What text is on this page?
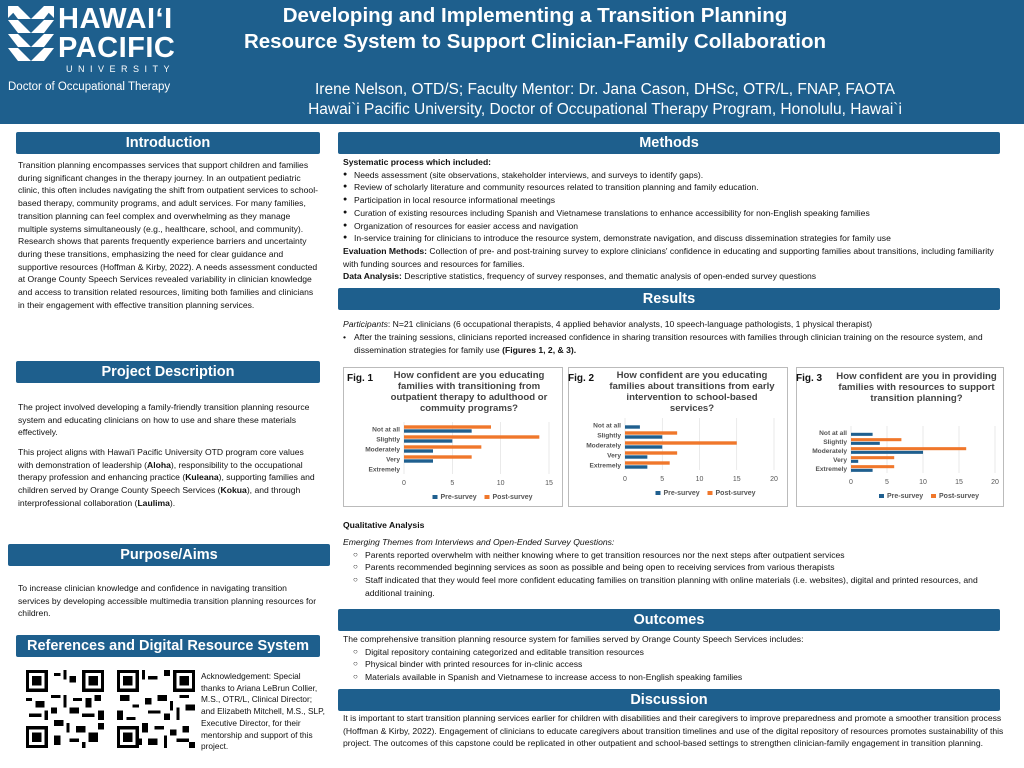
HAWAIʻI
PACIFIC
UNIVERSITY
Doctor of Occupational Therapy
Developing and Implementing a Transition Planning
Resource System to Support Clinician-Family Collaboration
Irene Nelson, OTD/S; Faculty Mentor: Dr. Jana Cason, DHSc, OTR/L, FNAP, FAOTA
Hawai`i Pacific University, Doctor of Occupational Therapy Program, Honolulu, Hawai`i
Introduction
Transition planning encompasses services that support children and families during significant changes in the therapy journey. In an outpatient pediatric clinic, this often includes navigating the shift from outpatient services to school-based therapy, community programs, and adult services. For many families, transition planning can feel complex and overwhelming as they manage multiple systems simultaneously (e.g., healthcare, school, and community). Research shows that parents frequently experience barriers and uncertainty during these transitions, emphasizing the need for clear guidance and supportive resources (Hoffman & Kirby, 2022). A needs assessment conducted at Orange County Speech Services revealed variability in clinician knowledge and access to transition related resources, limiting both families and clinicians in their engagement with effective transition planning services.
Project Description
The project involved developing a family-friendly transition planning resource system and educating clinicians on how to use and share these materials effectively.
This project aligns with Hawai'i Pacific University OTD program core values with demonstration of leadership (Aloha), responsibility to the occupational therapy profession and enhancing practice (Kuleana), supporting families and children served by Orange County Speech Services (Kokua), and through interprofessional collaboration (Laulima).
Purpose/Aims
To increase clinician knowledge and confidence in navigating transition services by developing accessible multimedia transition planning resources for children.
References and Digital Resource System
Acknowledgement: Special thanks to Ariana LeBrun Collier, M.S., OTR/L, Clinical Director; and Elizabeth Mitchell, M.S., SLP, Executive Director, for their mentorship and support of this project.
Methods
Systematic process which included:
● Needs assessment (site observations, stakeholder interviews, and surveys to identify gaps).
● Review of scholarly literature and community resources related to transition planning and family education.
● Participation in local resource informational meetings
● Curation of existing resources including Spanish and Vietnamese translations to enhance accessibility for non-English speaking families
● Organization of resources for easier access and navigation
● In-service training for clinicians to introduce the resource system, demonstrate navigation, and discuss dissemination strategies for family use
Evaluation Methods: Collection of pre- and post-training survey to explore clinicians' confidence in educating and supporting families about transitions, including familiarity with funding sources and resources for families.
Data Analysis: Descriptive statistics, frequency of survey responses, and thematic analysis of open-ended survey questions
Results
Participants: N=21 clinicians (6 occupational therapists, 4 applied behavior analysts, 10 speech-language pathologists, 1 physical therapist)
• After the training sessions, clinicians reported increased confidence in sharing transition resources with families through clinician training on the resource system, and dissemination strategies for family use (Figures 1, 2, & 3).
Fig. 1	How confident are you educating families with transitioning from outpatient therapy to adulthood or commuity programs?
0	5	10	15
Not at all
Slightly
Moderately
Very
Extremely
Pre-survey Post-survey
Fig. 2	How confident are you educating families about transitions from early intervention to school-based services?
0	5	10	15	20
Not at all
Slightly
Moderately
Very
Extremely
Pre-survey Post-survey
Fig. 3	How confident are you in providing families with resources to support transition planning?
0	5	10	15	20
Not at all
Slightly
Moderately
Very
Extremely
Pre-survey Post-survey
Qualitative Analysis
Emerging Themes from Interviews and Open-Ended Survey Questions:
○ Parents reported overwhelm with neither knowing where to get transition resources nor the next steps after outpatient services
○ Parents recommended beginning services as soon as possible and being open to receiving services from various therapists
○ Staff indicated that they would feel more confident educating families on transition planning with online materials (i.e. websites), digital and printed resources, and additional training.
Outcomes
The comprehensive transition planning resource system for families served by Orange County Speech Services includes:
○ Digital repository containing categorized and editable transition resources
○ Physical binder with printed resources for in-clinic access
○ Materials available in Spanish and Vietnamese to increase access to non-English speaking families
Discussion
It is important to start transition planning services earlier for children with disabilities and their caregivers to improve preparedness and promote a smoother transition process (Hoffman & Kirby, 2022). Engagement of clinicians to educate caregivers about transition timelines and use of the digital repository of resources promotes sustainability of this project. The outcomes of this capstone could be replicated in other outpatient and school-based settings to strengthen clinician-family engagement in transition planning.
